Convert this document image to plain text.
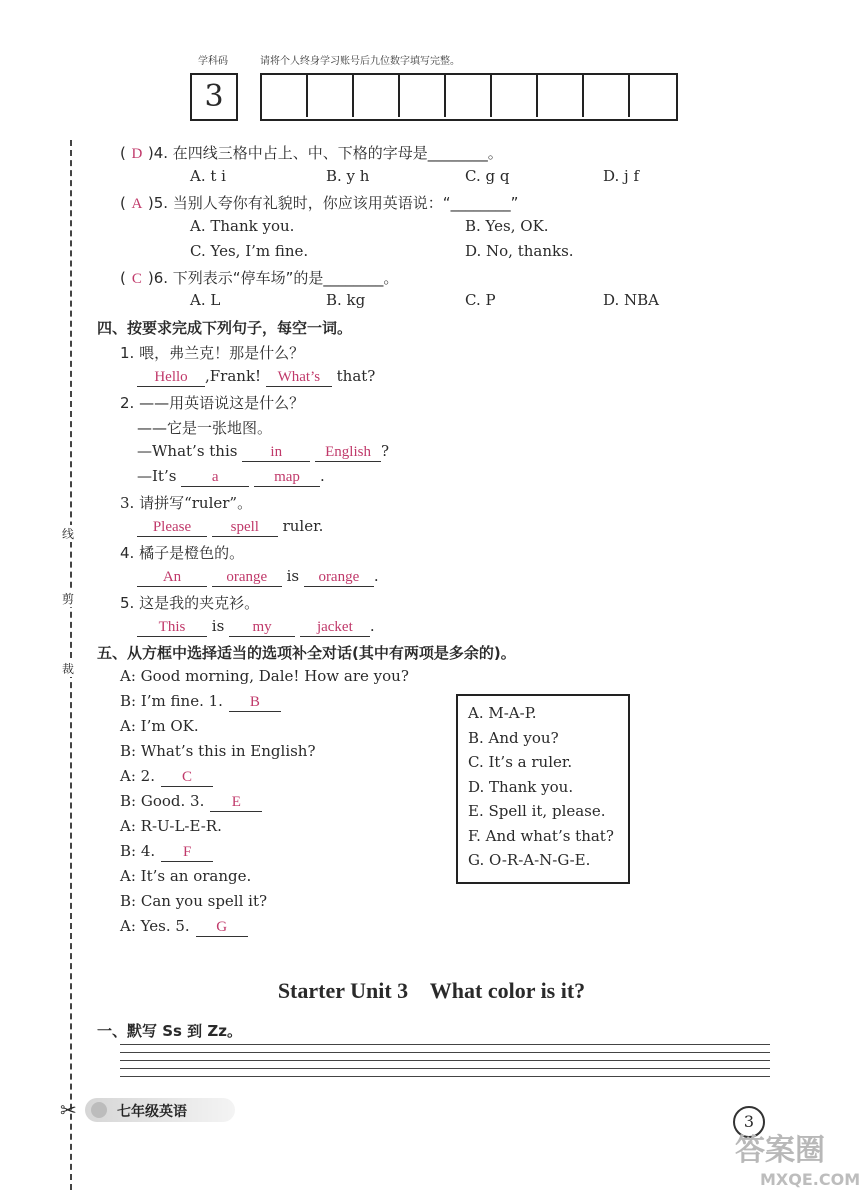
学科码	请将个人终身学习账号后九位数字填写完整。
3
线
剪
裁
✂
( D )4. 在四线三格中占上、中、下格的字母是________。
A. t i	B. y h	C. g q	D. j f
( A )5. 当别人夸你有礼貌时，你应该用英语说：“________”
A. Thank you.	B. Yes, OK.
C. Yes, I’m fine.	D. No, thanks.
( C )6. 下列表示“停车场”的是________。
A. L	B. kg	C. P	D. NBA
四、按要求完成下列句子，每空一词。
1. 喂，弗兰克！那是什么？
Hello ,Frank! What’s that?
2. ——用英语说这是什么？
——它是一张地图。
—What’s this in	English ?
—It’s a	map .
3. 请拼写“ruler”。
Please	spell ruler.
4. 橘子是橙色的。
An	orange is orange .
5. 这是我的夹克衫。
This is my	jacket .
五、从方框中选择适当的选项补全对话(其中有两项是多余的)。
A: Good morning, Dale! How are you?
B: I’m fine. 1. B
A: I’m OK.
B: What’s this in English?
A: 2. C
B: Good. 3. E
A: R-U-L-E-R.
B: 4. F
A: It’s an orange.
B: Can you spell it?
A: Yes. 5. G
A. M-A-P.
B. And you?
C. It’s a ruler.
D. Thank you.
E. Spell it, please.
F. And what’s that?
G. O-R-A-N-G-E.
Starter Unit 3    What color is it?
一、默写 Ss 到 Zz。
七年级英语	3
答案圈
MXQE.COM
